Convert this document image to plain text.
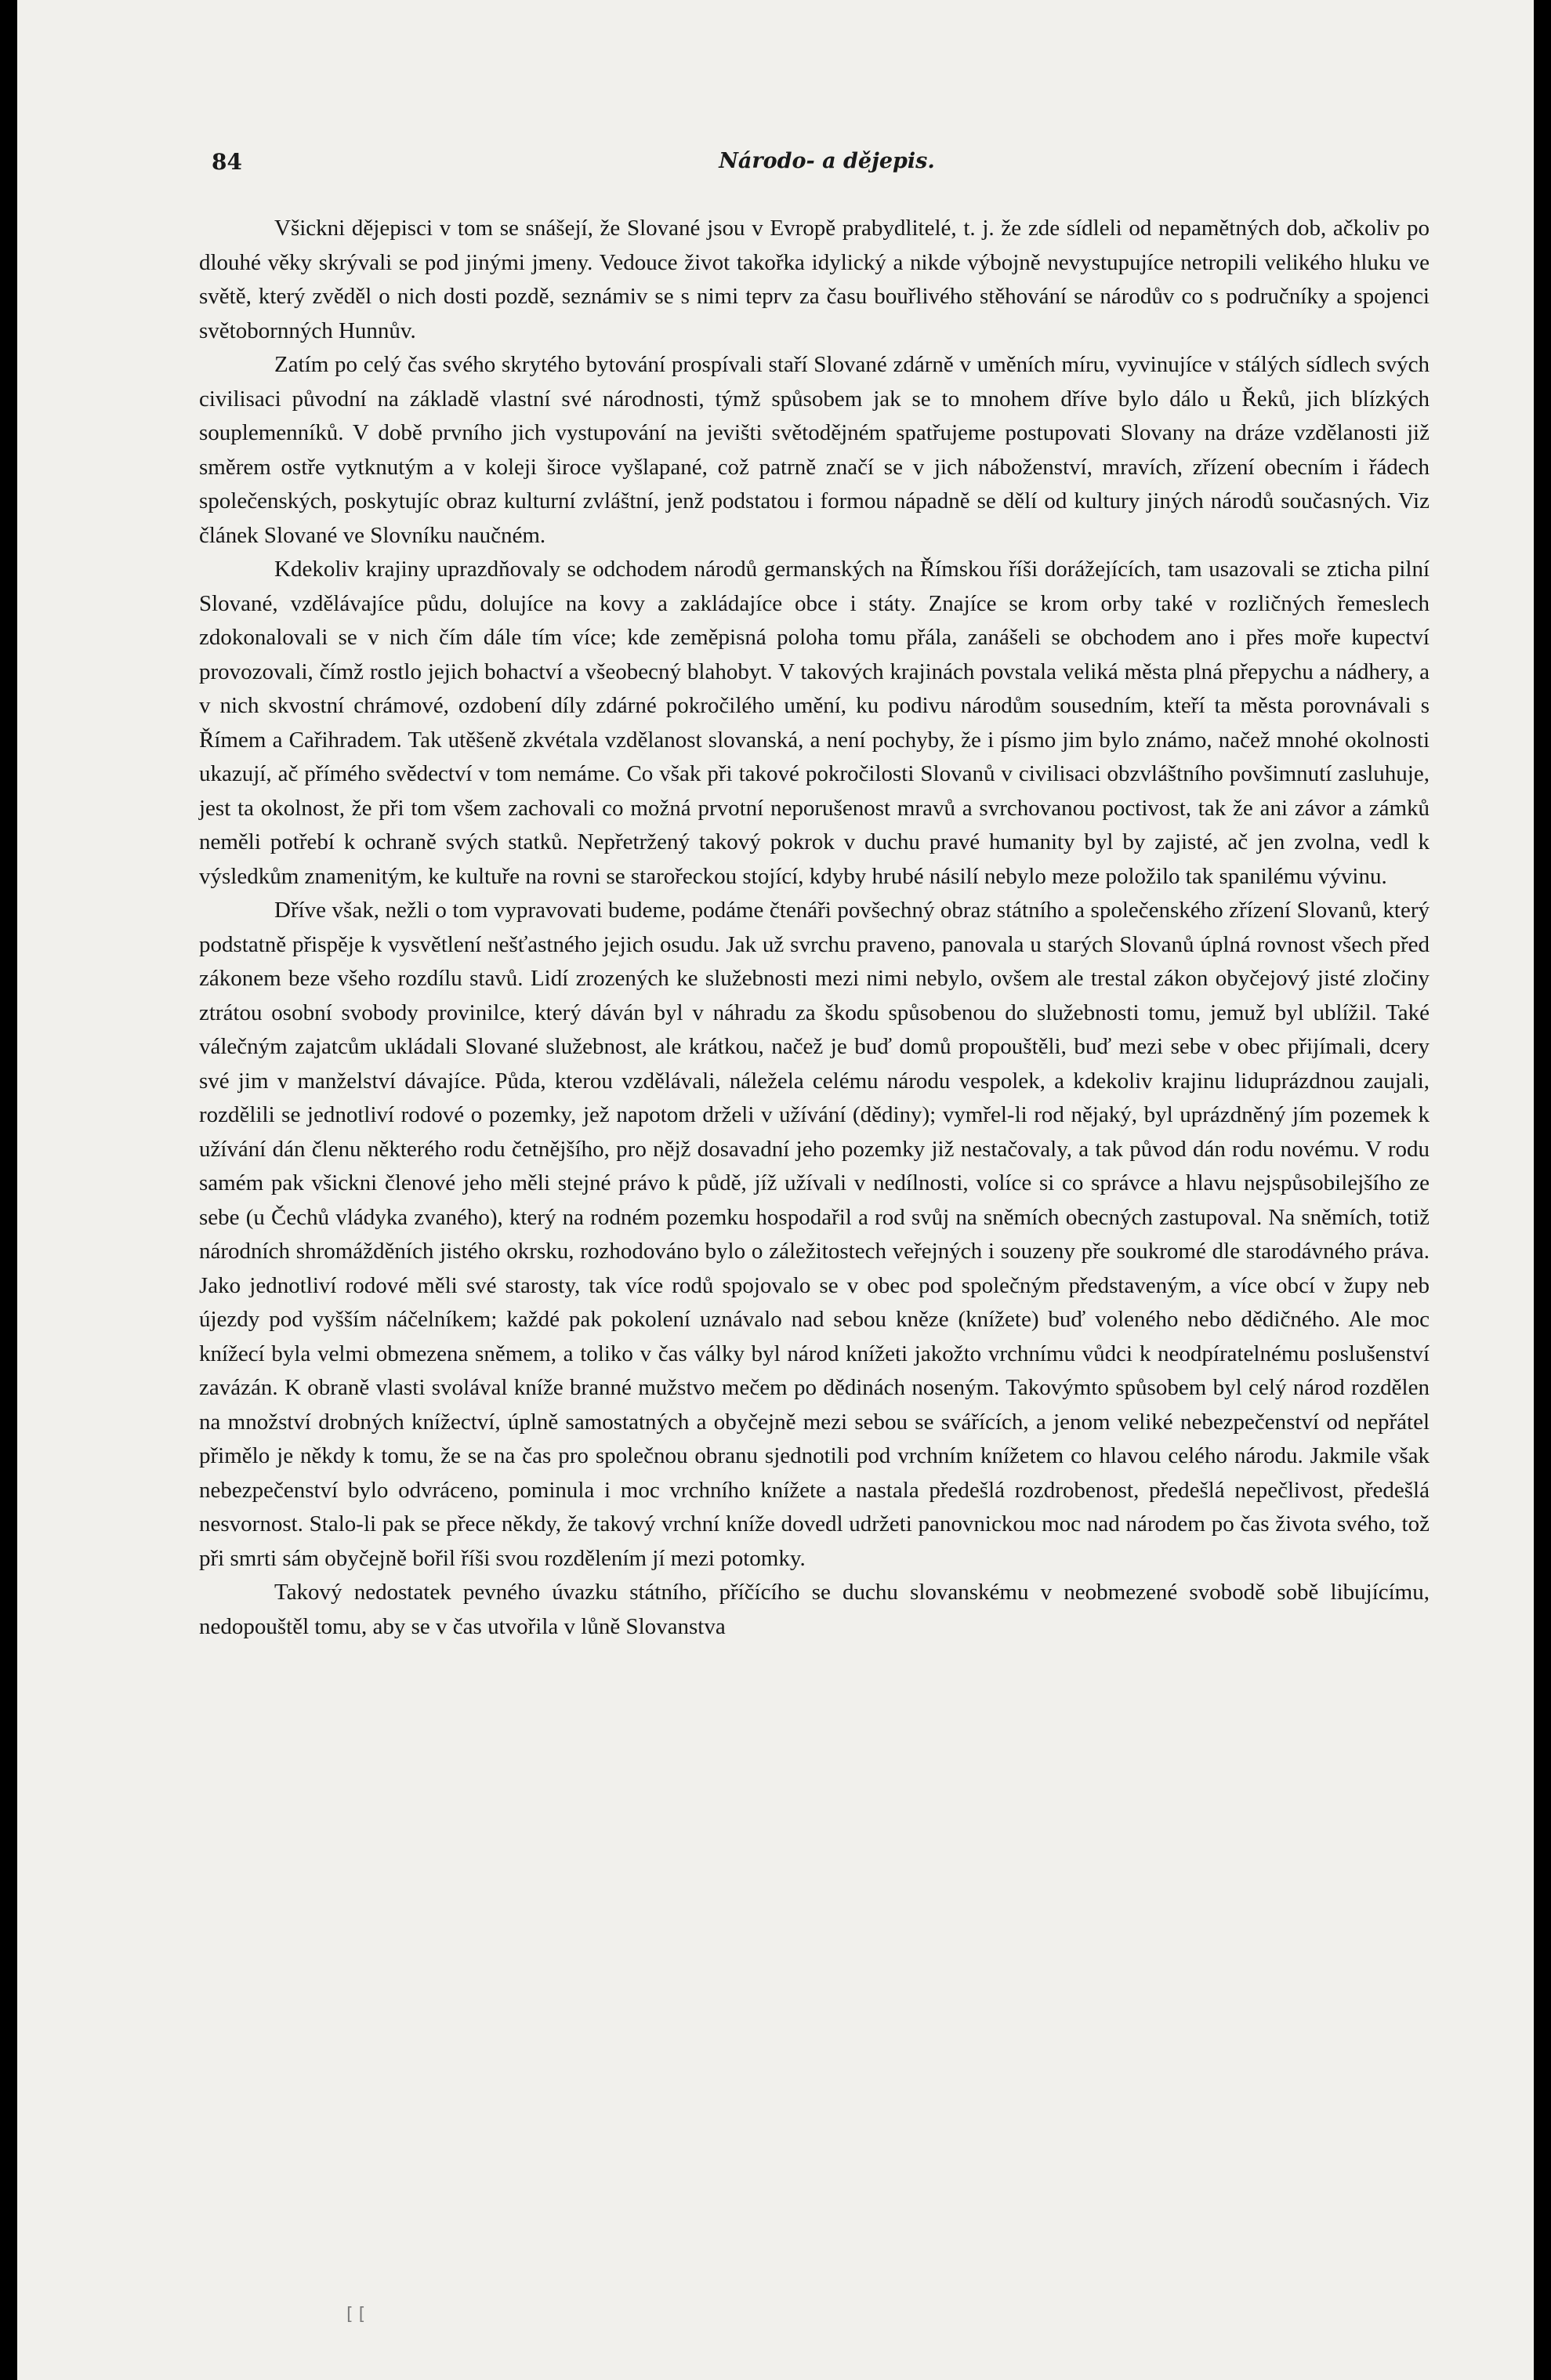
84	Národo- a dějepis.

Všickni dějepisci v tom se snášejí, že Slované jsou v Evropě prabydlitelé, t. j. že zde sídleli od nepamětných dob, ačkoliv po dlouhé věky skrývali se pod jinými jmeny. Vedouce život takořka idylický a nikde výbojně nevystupujíce netropili velikého hluku ve světě, který zvěděl o nich dosti pozdě, seznámiv se s nimi teprv za času bouřlivého stěhování se národův co s područníky a spojenci světobornných Hunnův.

Zatím po celý čas svého skrytého bytování prospívali staří Slované zdárně v uměních míru, vyvinujíce v stálých sídlech svých civilisaci původní na základě vlastní své národnosti, týmž spůsobem jak se to mnohem dříve bylo dálo u Řeků, jich blízkých souplemenníků. V době prvního jich vystupování na jevišti světodějném spatřujeme postupovati Slovany na dráze vzdělanosti již směrem ostře vytknutým a v koleji široce vyšlapané, což patrně značí se v jich náboženství, mravích, zřízení obecním i řádech společenských, poskytujíc obraz kulturní zvláštní, jenž podstatou i formou nápadně se dělí od kultury jiných národů současných. Viz článek Slované ve Slovníku naučném.

Kdekoliv krajiny uprazdňovaly se odchodem národů germanských na Římskou říši dorážejících, tam usazovali se zticha pilní Slované, vzdělávajíce půdu, dolujíce na kovy a zakládajíce obce i státy. Znajíce se krom orby také v rozličných řemeslech zdokonalovali se v nich čím dále tím více; kde zeměpisná poloha tomu přála, zanášeli se obchodem ano i přes moře kupectví provozovali, čímž rostlo jejich bohactví a všeobecný blahobyt. V takových krajinách povstala veliká města plná přepychu a nádhery, a v nich skvostní chrámové, ozdobení díly zdárné pokročilého umění, ku podivu národům sousedním, kteří ta města porovnávali s Římem a Cařihradem. Tak utěšeně zkvétala vzdělanost slovanská, a není pochyby, že i písmo jim bylo známo, načež mnohé okolnosti ukazují, ač přímého svědectví v tom nemáme. Co však při takové pokročilosti Slovanů v civilisaci obzvláštního povšimnutí zasluhuje, jest ta okolnost, že při tom všem zachovali co možná prvotní neporušenost mravů a svrchovanou poctivost, tak že ani závor a zámků neměli potřebí k ochraně svých statků. Nepřetržený takový pokrok v duchu pravé humanity byl by zajisté, ač jen zvolna, vedl k výsledkům znamenitým, ke kultuře na rovni se starořeckou stojící, kdyby hrubé násilí nebylo meze položilo tak spanilému vývinu.

Dříve však, nežli o tom vypravovati budeme, podáme čtenáři povšechný obraz státního a společenského zřízení Slovanů, který podstatně přispěje k vysvětlení nešťastného jejich osudu. Jak už svrchu praveno, panovala u starých Slovanů úplná rovnost všech před zákonem beze všeho rozdílu stavů. Lidí zrozených ke služebnosti mezi nimi nebylo, ovšem ale trestal zákon obyčejový jisté zločiny ztrátou osobní svobody provinilce, který dáván byl v náhradu za škodu spůsobenou do služebnosti tomu, jemuž byl ublížil. Také válečným zajatcům ukládali Slované služebnost, ale krátkou, načež je buď domů propouštěli, buď mezi sebe v obec přijímali, dcery své jim v manželství dávajíce. Půda, kterou vzdělávali, náležela celému národu vespolek, a kdekoliv krajinu liduprázdnou zaujali, rozdělili se jednotliví rodové o pozemky, jež napotom drželi v užívání (dědiny); vymřel-li rod nějaký, byl uprázdněný jím pozemek k užívání dán členu některého rodu četnějšího, pro nějž dosavadní jeho pozemky již nestačovaly, a tak původ dán rodu novému. V rodu samém pak všickni členové jeho měli stejné právo k půdě, jíž užívali v nedílnosti, volíce si co správce a hlavu nejspůsobilejšího ze sebe (u Čechů vládyka zvaného), který na rodném pozemku hospodařil a rod svůj na sněmích obecných zastupoval. Na sněmích, totiž národních shromážděních jistého okrsku, rozhodováno bylo o záležitostech veřejných i souzeny pře soukromé dle starodávného práva. Jako jednotliví rodové měli své starosty, tak více rodů spojovalo se v obec pod společným představeným, a více obcí v župy neb újezdy pod vyšším náčelníkem; každé pak pokolení uznávalo nad sebou kněze (knížete) buď voleného nebo dědičného. Ale moc knížecí byla velmi obmezena sněmem, a toliko v čas války byl národ knížeti jakožto vrchnímu vůdci k neodpíratelnému poslušenství zavázán. K obraně vlasti svolával kníže branné mužstvo mečem po dědinách noseným. Takovýmto spůsobem byl celý národ rozdělen na množství drobných knížectví, úplně samostatných a obyčejně mezi sebou se svářících, a jenom veliké nebezpečenství od nepřátel přimělo je někdy k tomu, že se na čas pro společnou obranu sjednotili pod vrchním knížetem co hlavou celého národu. Jakmile však nebezpečenství bylo odvráceno, pominula i moc vrchního knížete a nastala předešlá rozdrobenost, předešlá nepečlivost, předešlá nesvornost. Stalo-li pak se přece někdy, že takový vrchní kníže dovedl udržeti panovnickou moc nad národem po čas života svého, tož při smrti sám obyčejně bořil říši svou rozdělením jí mezi potomky.

Takový nedostatek pevného úvazku státního, příčícího se duchu slovanskému v neobmezené svobodě sobě libujícímu, nedopouštěl tomu, aby se v čas utvořila v lůně Slovanstva

[ [
